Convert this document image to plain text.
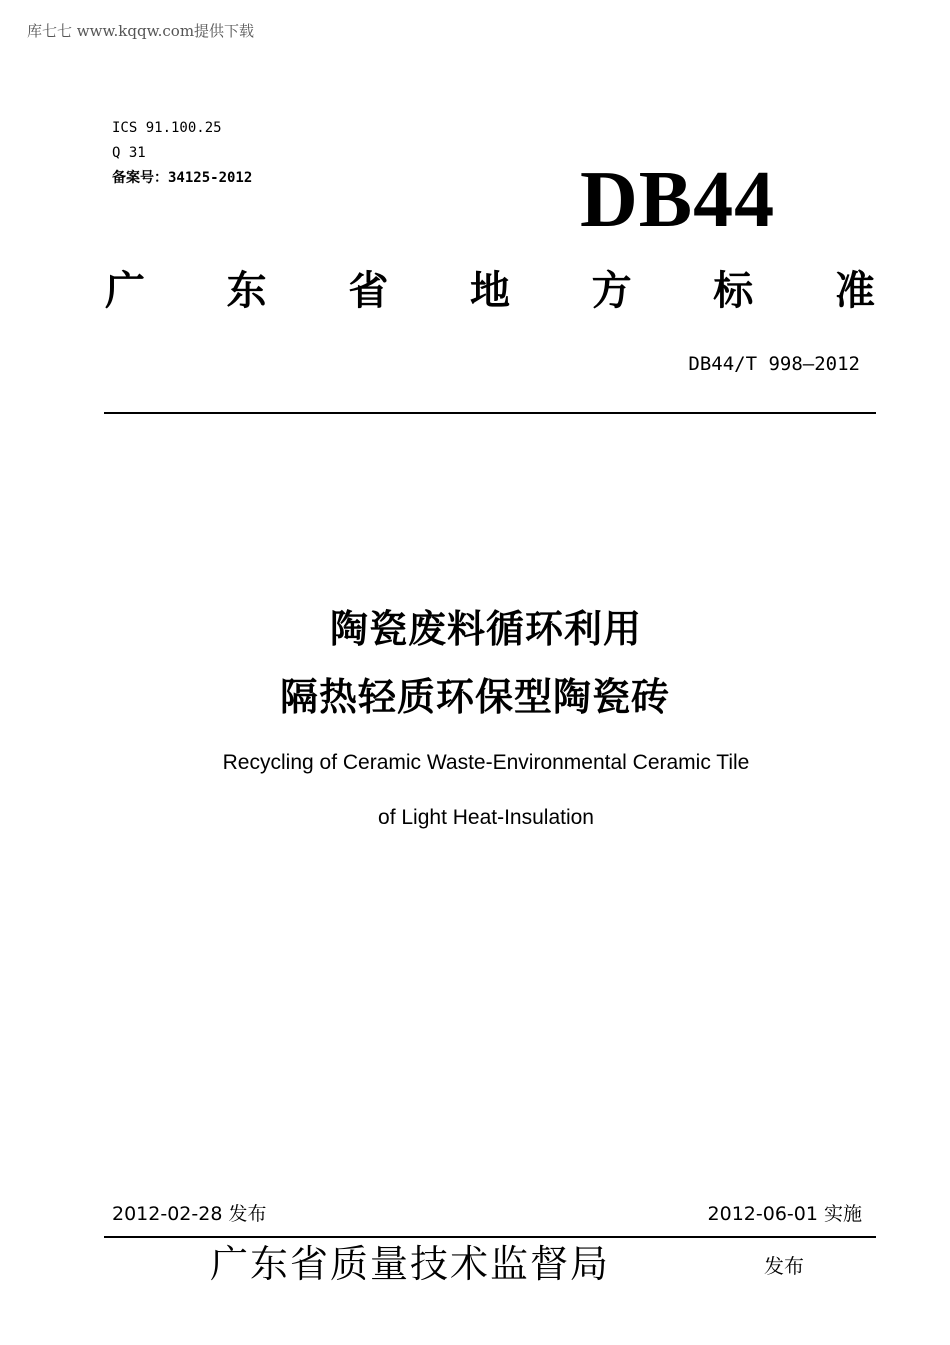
库七七 www.kqqw.com提供下载
ICS 91.100.25
Q 31
备案号：34125-2012	DB44
广 东 省 地 方 标 准
DB44/T 998—2012
陶瓷废料循环利用
隔热轻质环保型陶瓷砖
Recycling of Ceramic Waste-Environmental Ceramic Tile
of Light Heat-Insulation
2012-02-28 发布	2012-06-01 实施
广东省质量技术监督局	发布
